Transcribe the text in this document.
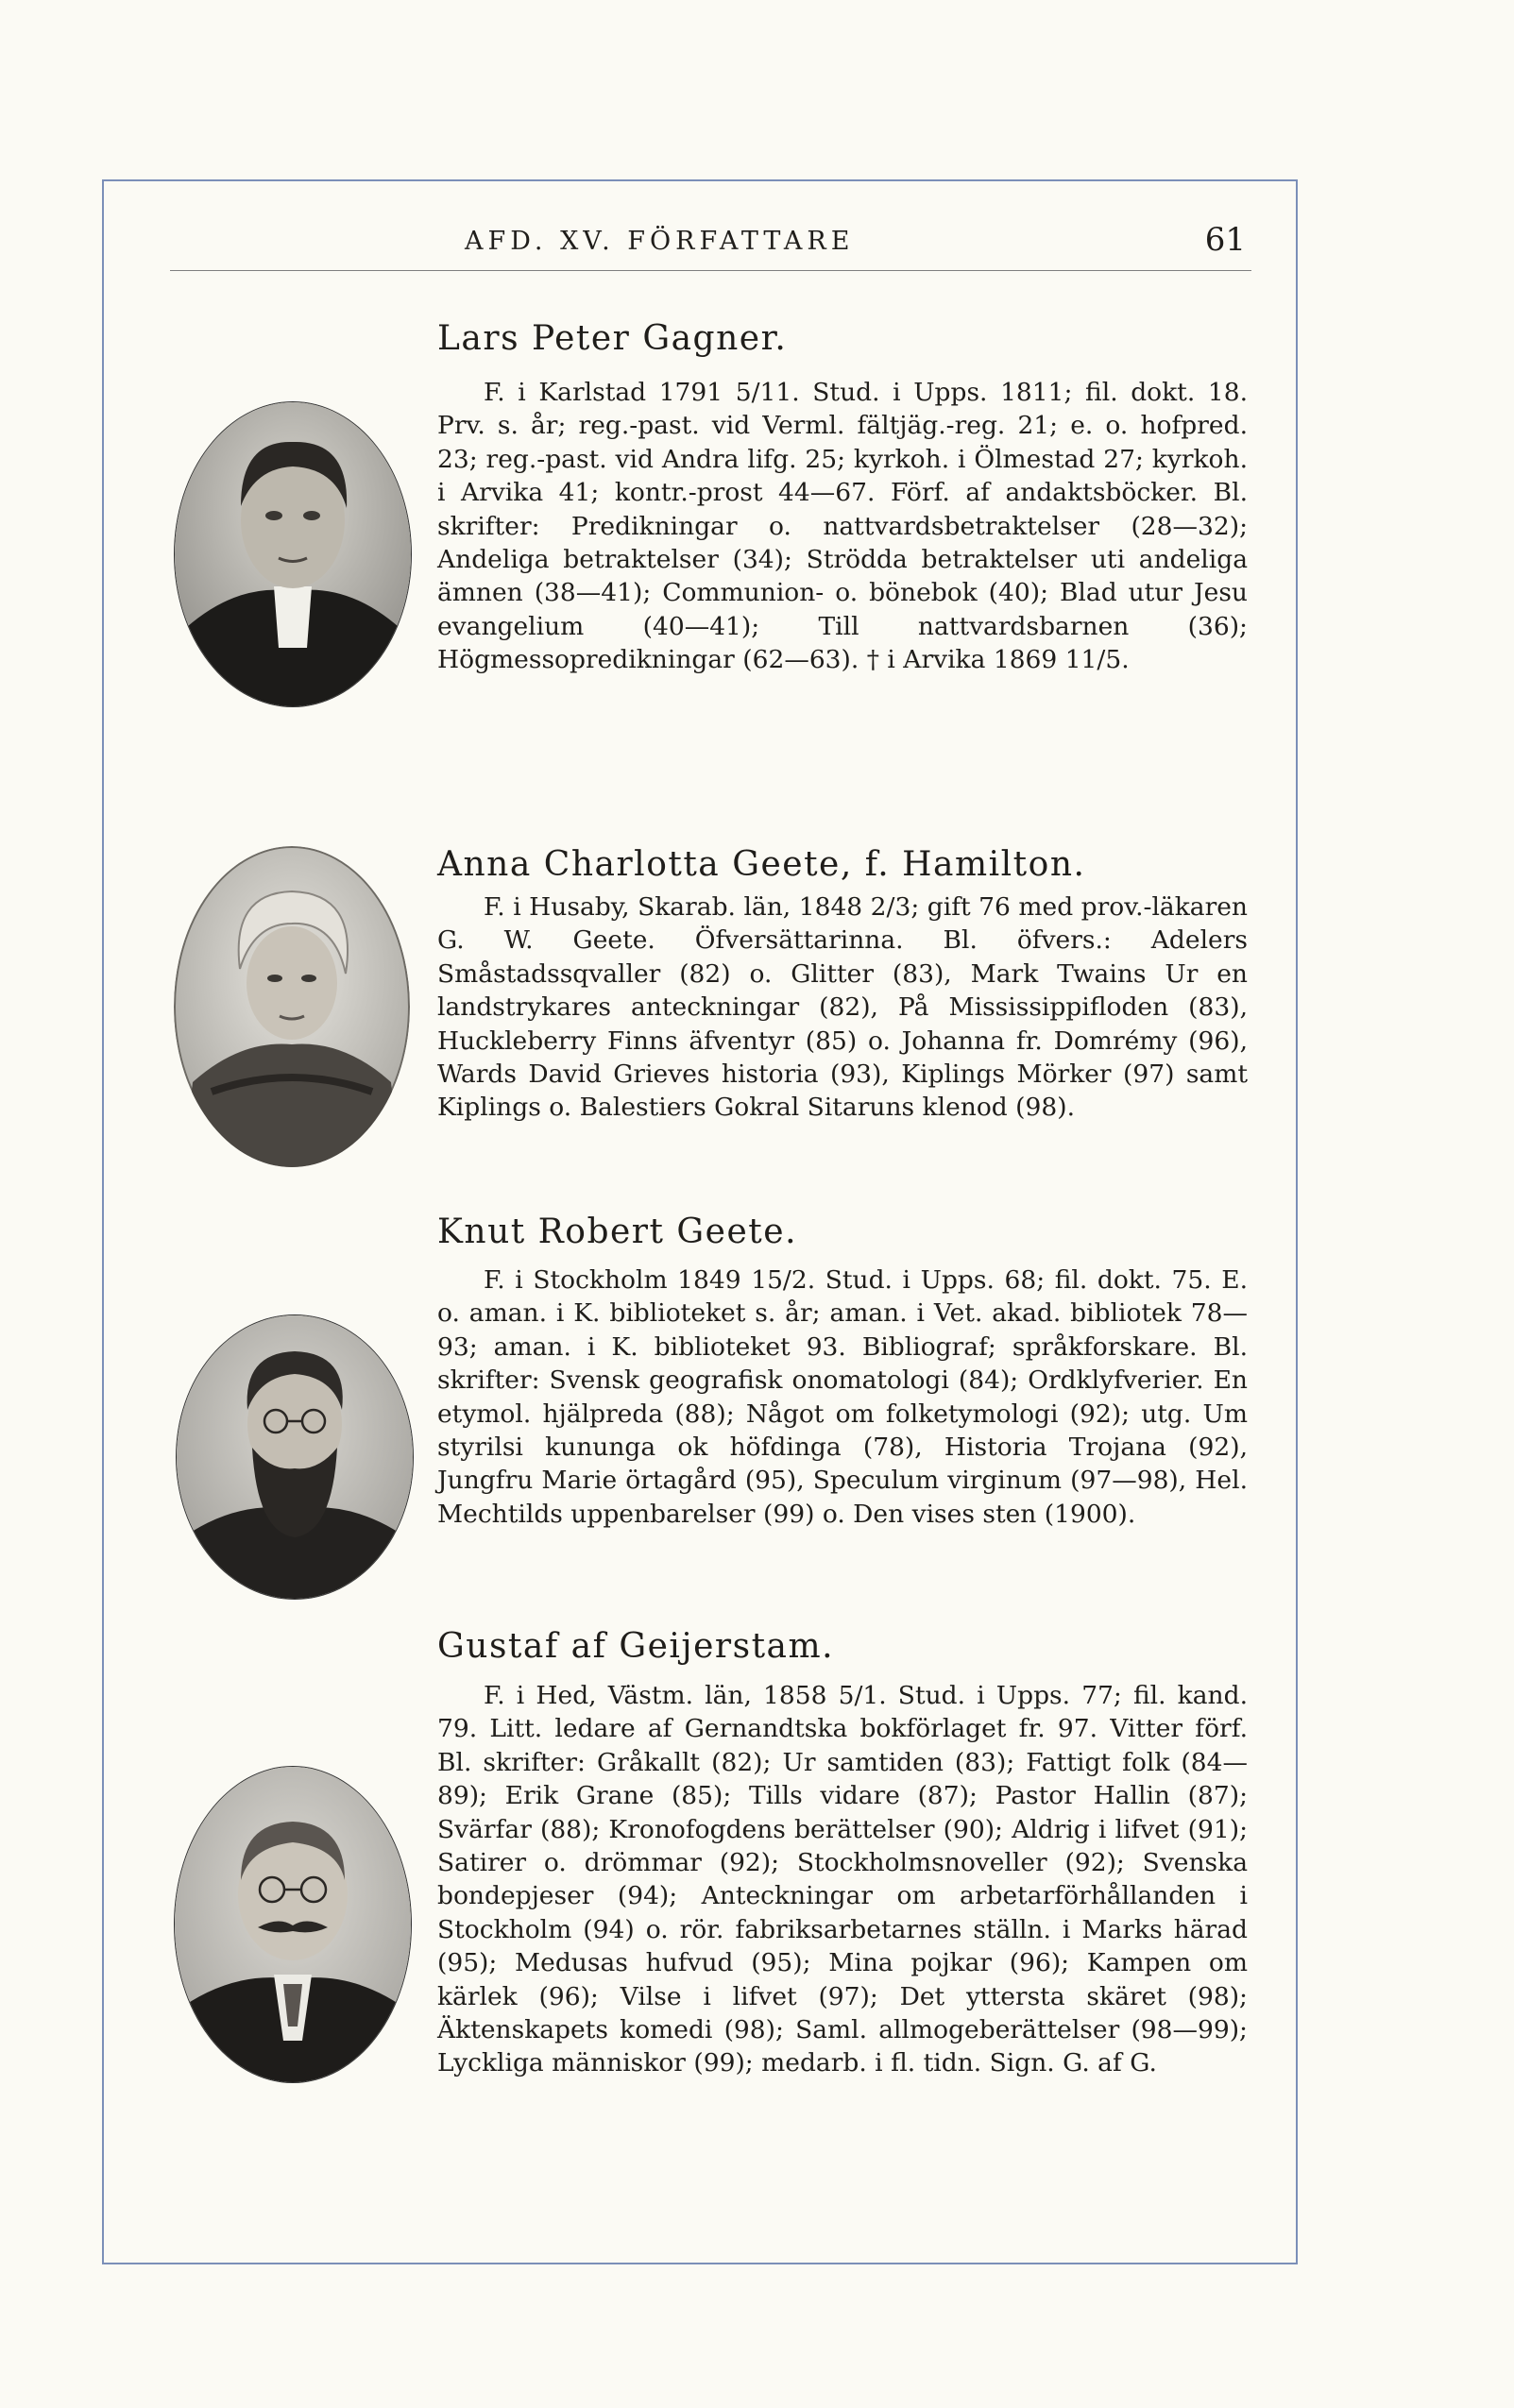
AFD. XV. FÖRFATTARE	61
Lars Peter Gagner.
F. i Karlstad 1791 5/11. Stud. i Upps. 1811; fil. dokt. 18. Prv. s. år; reg.-past. vid Verml. fältjäg.-reg. 21; e. o. hofpred. 23; reg.-past. vid Andra lifg. 25; kyrkoh. i Ölmestad 27; kyrkoh. i Arvika 41; kontr.-prost 44—67. Förf. af andaktsböcker. Bl. skrifter: Predikningar o. nattvardsbetraktelser (28—32); Andeliga betraktelser (34); Strödda betraktelser uti andeliga ämnen (38—41); Communion- o. bönebok (40); Blad utur Jesu evangelium (40—41); Till nattvardsbarnen (36); Högmessopredikningar (62—63). † i Arvika 1869 11/5.
Anna Charlotta Geete, f. Hamilton.
F. i Husaby, Skarab. län, 1848 2/3; gift 76 med prov.-läkaren G. W. Geete. Öfversättarinna. Bl. öfvers.: Adelers Småstadssqvaller (82) o. Glitter (83), Mark Twains Ur en landstrykares anteckningar (82), På Mississippifloden (83), Huckleberry Finns äfventyr (85) o. Johanna fr. Domrémy (96), Wards David Grieves historia (93), Kiplings Mörker (97) samt Kiplings o. Balestiers Gokral Sitaruns klenod (98).
Knut Robert Geete.
F. i Stockholm 1849 15/2. Stud. i Upps. 68; fil. dokt. 75. E. o. aman. i K. biblioteket s. år; aman. i Vet. akad. bibliotek 78—93; aman. i K. biblioteket 93. Bibliograf; språkforskare. Bl. skrifter: Svensk geografisk onomatologi (84); Ordklyfverier. En etymol. hjälpreda (88); Något om folketymologi (92); utg. Um styrilsi kununga ok höfdinga (78), Historia Trojana (92), Jungfru Marie örtagård (95), Speculum virginum (97—98), Hel. Mechtilds uppenbarelser (99) o. Den vises sten (1900).
Gustaf af Geijerstam.
F. i Hed, Västm. län, 1858 5/1. Stud. i Upps. 77; fil. kand. 79. Litt. ledare af Gernandtska bokförlaget fr. 97. Vitter förf. Bl. skrifter: Gråkallt (82); Ur samtiden (83); Fattigt folk (84—89); Erik Grane (85); Tills vidare (87); Pastor Hallin (87); Svärfar (88); Kronofogdens berättelser (90); Aldrig i lifvet (91); Satirer o. drömmar (92); Stockholmsnoveller (92); Svenska bondepjeser (94); Anteckningar om arbetarförhållanden i Stockholm (94) o. rör. fabriksarbetarnes ställn. i Marks härad (95); Medusas hufvud (95); Mina pojkar (96); Kampen om kärlek (96); Vilse i lifvet (97); Det yttersta skäret (98); Äktenskapets komedi (98); Saml. allmogeberättelser (98—99); Lyckliga människor (99); medarb. i fl. tidn. Sign. G. af G.
